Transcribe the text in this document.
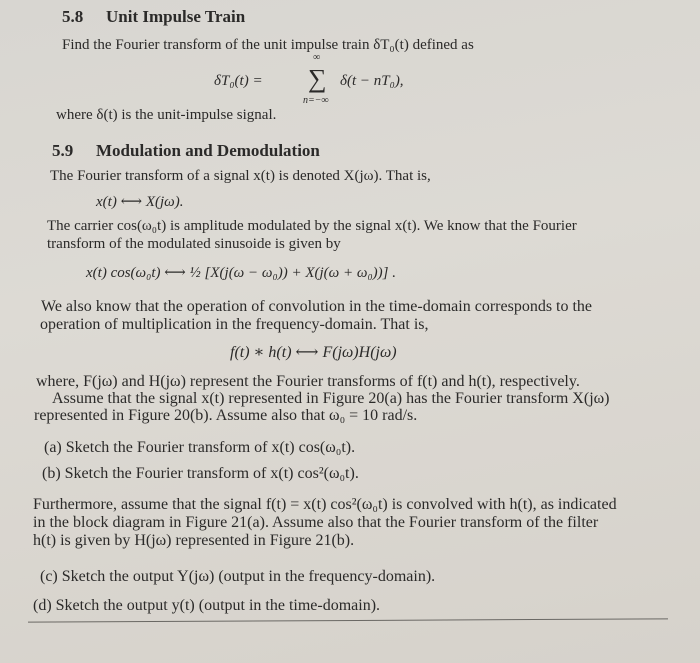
5.8 Unit Impulse Train
Find the Fourier transform of the unit impulse train δT₀(t) defined as
δT₀(t) =
∞
∑
n=−∞
δ(t − nT₀),
where δ(t) is the unit-impulse signal.
5.9 Modulation and Demodulation
The Fourier transform of a signal x(t) is denoted X(jω). That is,
x(t) ⟷ X(jω).
The carrier cos(ω₀t) is amplitude modulated by the signal x(t). We know that the Fourier
transform of the modulated sinusoide is given by
x(t) cos(ω₀t) ⟷ ½ [X(j(ω − ω₀)) + X(j(ω + ω₀))] .
We also know that the operation of convolution in the time-domain corresponds to the
operation of multiplication in the frequency-domain. That is,
f(t) ∗ h(t) ⟷ F(jω)H(jω)
where, F(jω) and H(jω) represent the Fourier transforms of f(t) and h(t), respectively.
Assume that the signal x(t) represented in Figure 20(a) has the Fourier transform X(jω)
represented in Figure 20(b). Assume also that ω₀ = 10 rad/s.
(a) Sketch the Fourier transform of x(t) cos(ω₀t).
(b) Sketch the Fourier transform of x(t) cos²(ω₀t).
Furthermore, assume that the signal f(t) = x(t) cos²(ω₀t) is convolved with h(t), as indicated
in the block diagram in Figure 21(a). Assume also that the Fourier transform of the filter
h(t) is given by H(jω) represented in Figure 21(b).
(c) Sketch the output Y(jω) (output in the frequency-domain).
(d) Sketch the output y(t) (output in the time-domain).
